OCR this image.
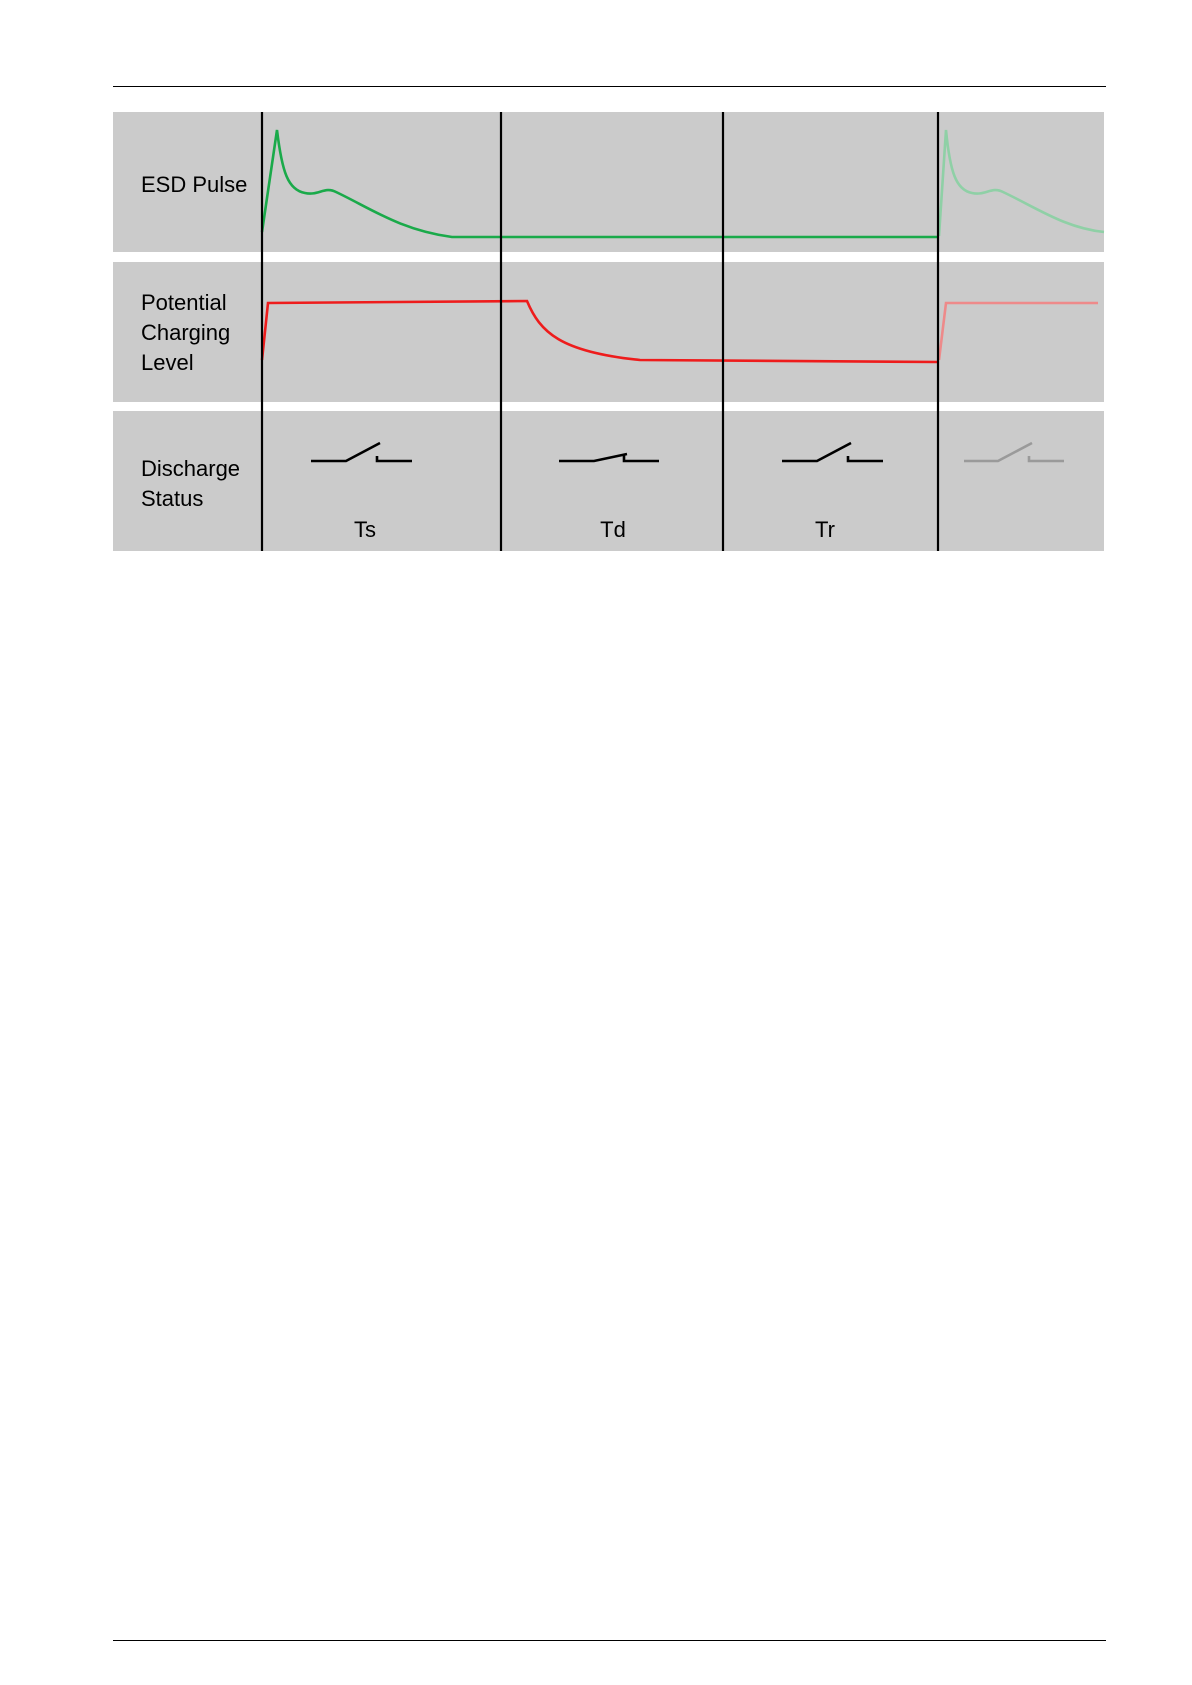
ESD Pulse
Potential Charging Level
Discharge Status
Ts	Td	Tr
